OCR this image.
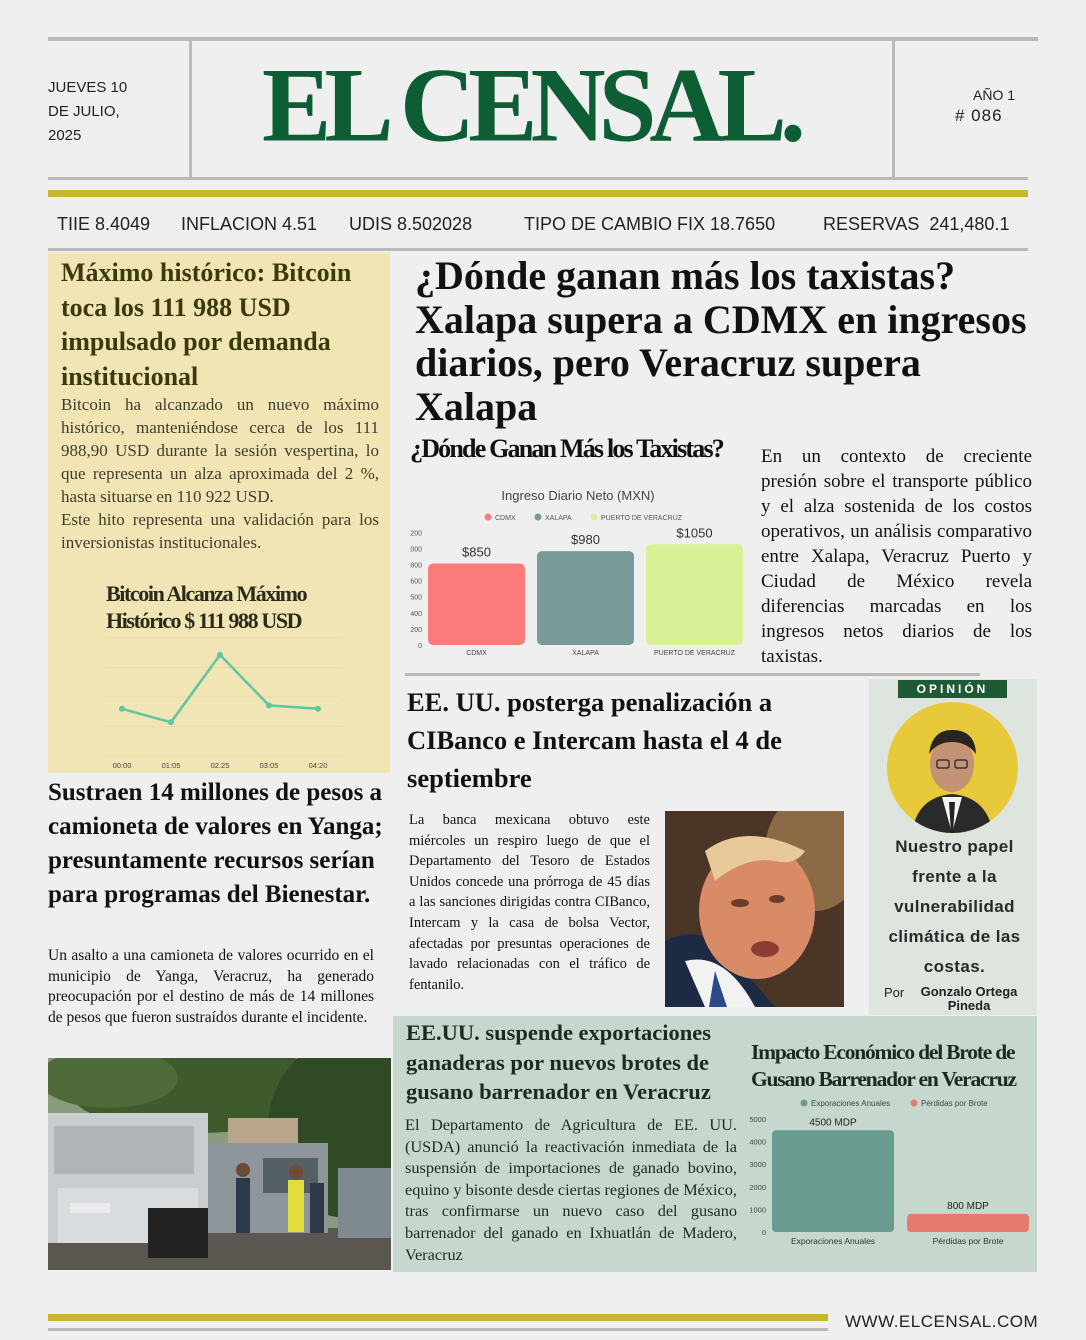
JUEVES 10
DE JULIO,
2025	EL CENSAL.	AÑO 1
# 086
TIIE 8.4049 INFLACION 4.51 UDIS 8.502028	TIPO DE CAMBIO FIX 18.7650	RESERVAS  241,480.1
Máximo histórico: Bitcoin toca los 111 988 USD impulsado por demanda institucional
Bitcoin ha alcanzado un nuevo máximo histórico, manteniéndose cerca de los 111 988,90 USD durante la sesión vespertina, lo que representa un alza aproximada del 2 %, hasta situarse en 110 922 USD.
Este hito representa una validación para los inversionistas institucionales.
Bitcoin Alcanza Máximo
Histórico $ 111 988 USD
00:00	01:05	02:25	03:05	04:20
¿Dónde ganan más los taxistas? Xalapa supera a CDMX en ingresos diarios, pero Veracruz supera Xalapa
¿Dónde Ganan Más los Taxistas?
Ingreso Diario Neto (MXN)
CDMX	XALAPA	PUERTO DE VERACRUZ
0
200
400
500
600
800
000
200
$850
CDMX
$980
XALAPA
$1050
PUERTO DE VERACRUZ
En un contexto de creciente presión sobre el transporte público y el alza sostenida de los costos operativos, un análisis comparativo entre Xalapa, Veracruz Puerto y Ciudad de México revela diferencias marcadas en los ingresos netos diarios de los taxistas.
Sustraen 14 millones de pesos a camioneta de valores en Yanga; presuntamente recursos serían para programas del Bienestar.
Un asalto a una camioneta de valores ocurrido en el municipio de Yanga, Veracruz, ha generado preocupación por el destino de más de 14 millones de pesos que fueron sustraídos durante el incidente.
EE. UU. posterga penalización a CIBanco e Intercam hasta el 4 de septiembre
La banca mexicana obtuvo este miércoles un respiro luego de que el Departamento del Tesoro de Estados Unidos concede una prórroga de 45 días a las sanciones dirigidas contra CIBanco, Intercam y la casa de bolsa Vector, afectadas por presuntas operaciones de lavado relacionadas con el tráfico de fentanilo.
OPINIÓN
Nuestro papel frente a la vulnerabilidad climática de las costas.
Por	Gonzalo Ortega Pineda
EE.UU. suspende exportaciones ganaderas por nuevos brotes de gusano barrenador en Veracruz
El Departamento de Agricultura de EE. UU. (USDA) anunció la reactivación inmediata de la suspensión de importaciones de ganado bovino, equino y bisonte desde ciertas regiones de México, tras confirmarse un nuevo caso del gusano barrenador del ganado en Ixhuatlán de Madero, Veracruz
Impacto Económico del Brote de
Gusano Barrenador en Veracruz
Exporaciones Anuales	Pérdidas por Brote
0
1000
2000
3000
4000
5000	4500 MDP
Exporaciones Anuales
800 MDP
Pérdidas por Brote
WWW.ELCENSAL.COM
